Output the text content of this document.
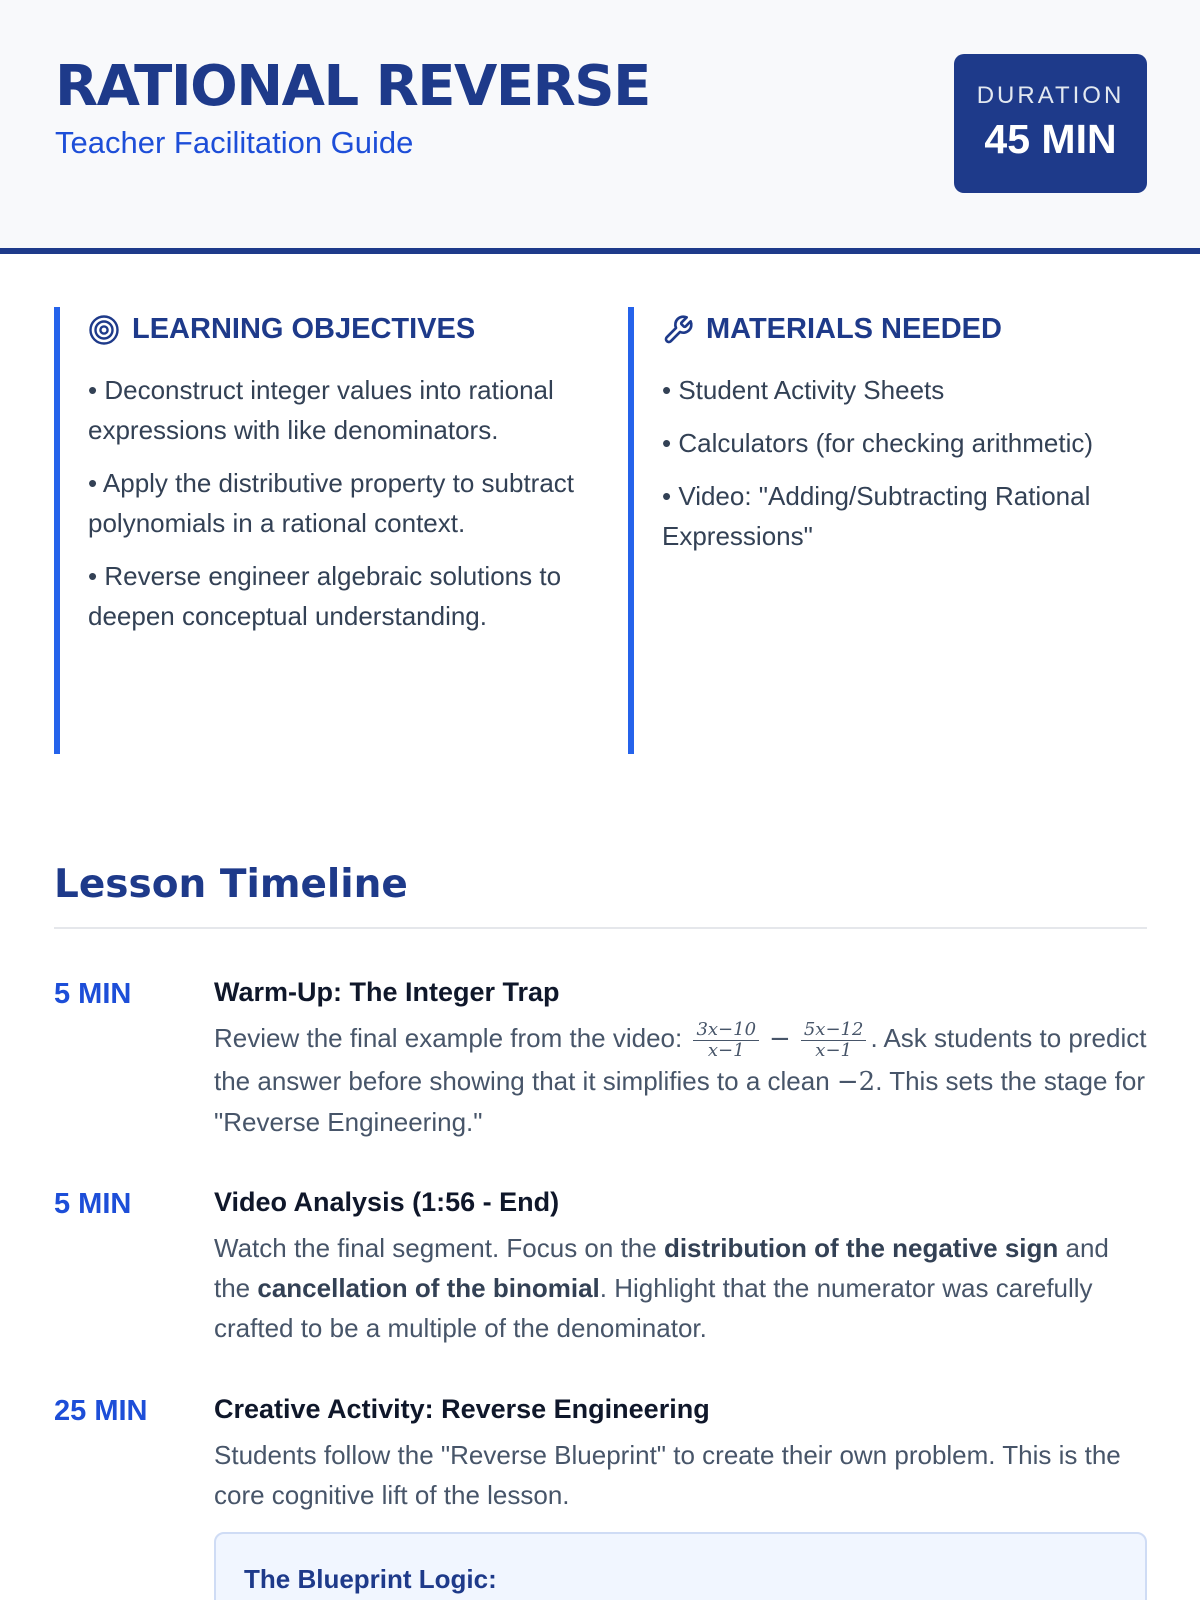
RATIONAL REVERSE
Teacher Facilitation Guide
DURATION
45 MIN
LEARNING OBJECTIVES
• Deconstruct integer values into rational expressions with like denominators.
• Apply the distributive property to subtract polynomials in a rational context.
• Reverse engineer algebraic solutions to deepen conceptual understanding.
MATERIALS NEEDED
• Student Activity Sheets
• Calculators (for checking arithmetic)
• Video: "Adding/Subtracting Rational Expressions"
Lesson Timeline
5 MIN	Warm-Up: The Integer Trap
Review the final example from the video: $\frac{3x-10}{x-1} - \frac{5x-12}{x-1}$ . Ask students to predict the answer before showing that it simplifies to a clean −2. This sets the stage for "Reverse Engineering."
5 MIN	Video Analysis (1:56 - End)
Watch the final segment. Focus on the distribution of the negative sign and the cancellation of the binomial. Highlight that the numerator was carefully crafted to be a multiple of the denominator.
25 MIN Creative Activity: Reverse Engineering
Students follow the "Reverse Blueprint" to create their own problem. This is the core cognitive lift of the lesson.
The Blueprint Logic:
